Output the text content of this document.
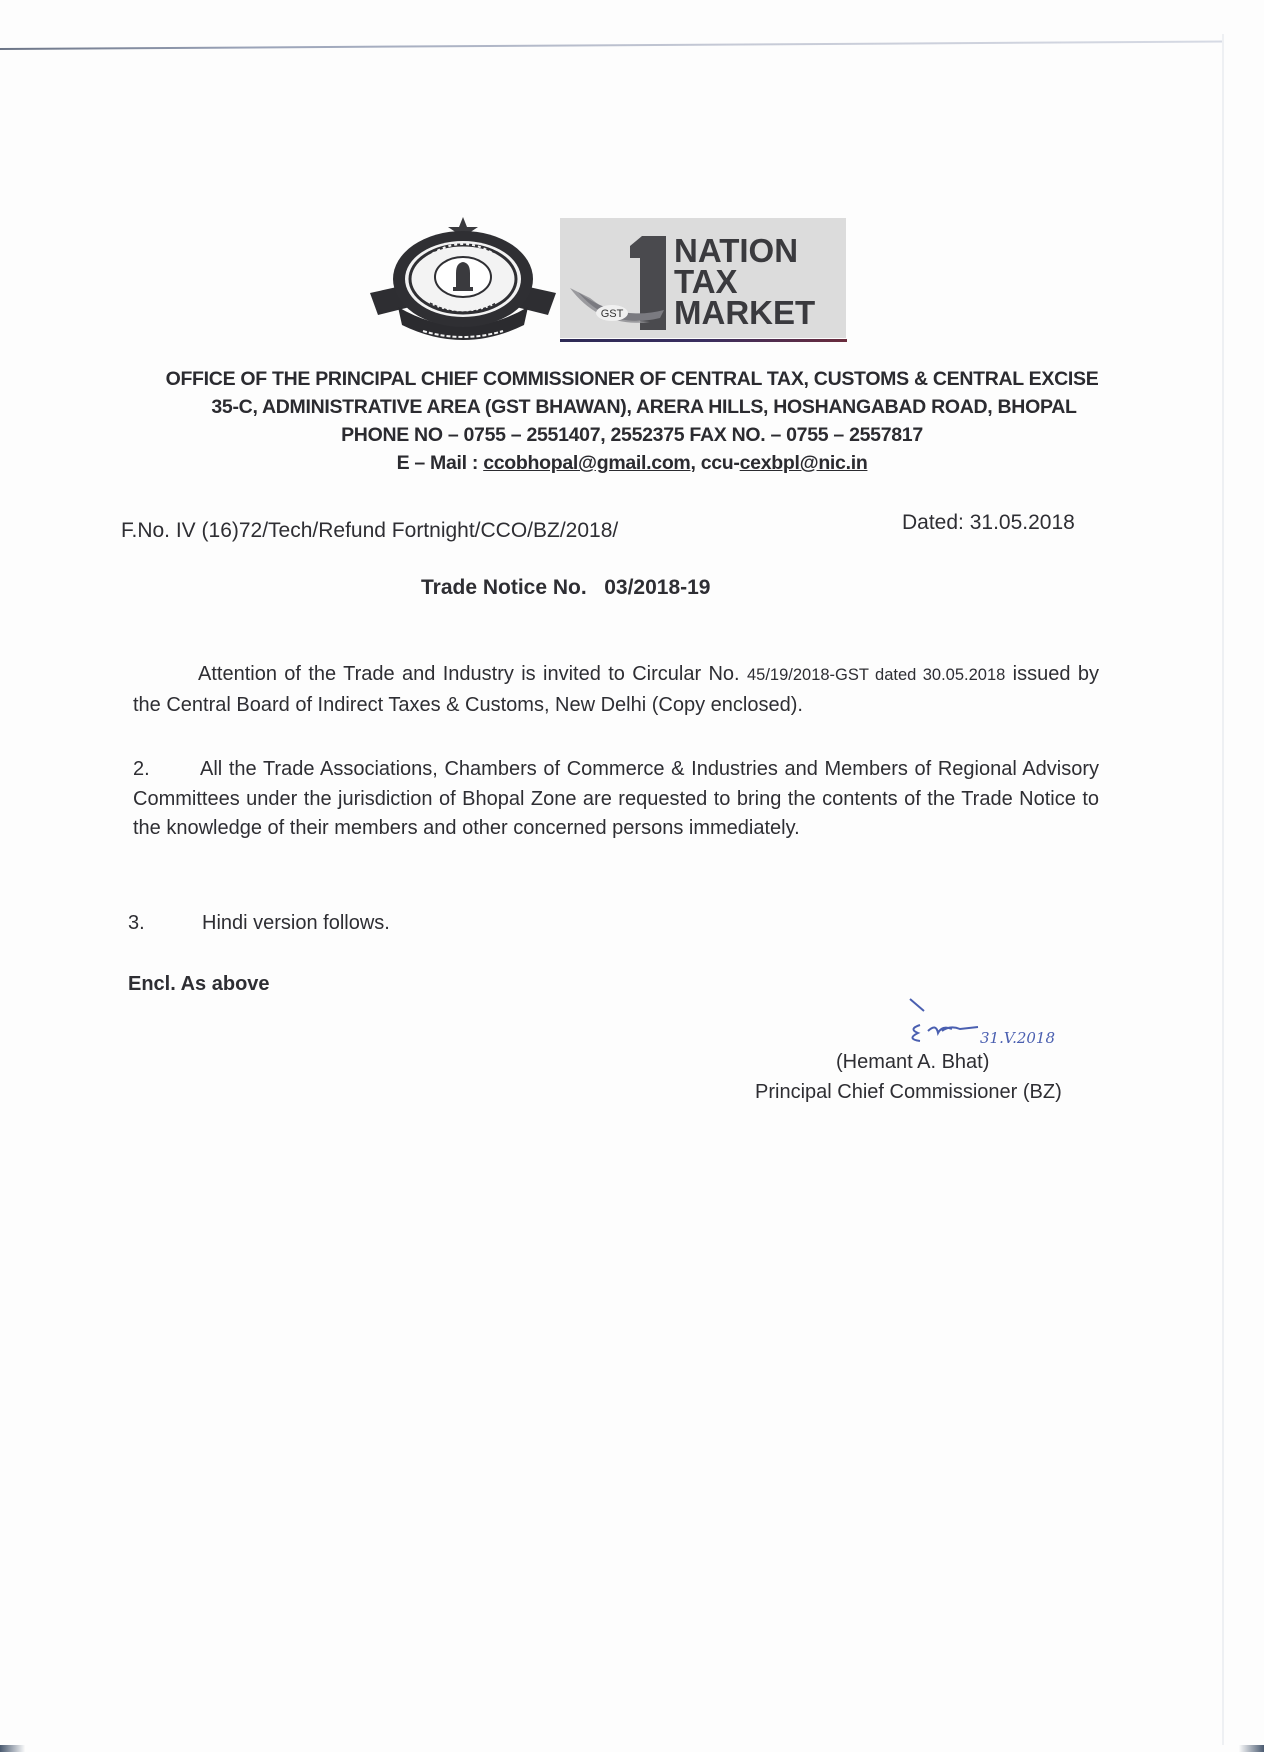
GST
NATION
TAX
MARKET
OFFICE OF THE PRINCIPAL CHIEF COMMISSIONER OF CENTRAL TAX, CUSTOMS & CENTRAL EXCISE
35-C, ADMINISTRATIVE AREA (GST BHAWAN), ARERA HILLS, HOSHANGABAD ROAD, BHOPAL
PHONE NO – 0755 – 2551407, 2552375 FAX NO. – 0755 – 2557817
E – Mail : ccobhopal@gmail.com, ccu-cexbpl@nic.in
F.No. IV (16)72/Tech/Refund Fortnight/CCO/BZ/2018/	Dated: 31.05.2018
Trade Notice No. 03/2018-19
Attention of the Trade and Industry is invited to Circular No. 45/19/2018-GST dated 30.05.2018 issued by the Central Board of Indirect Taxes & Customs, New Delhi (Copy enclosed).
2.	All the Trade Associations, Chambers of Commerce & Industries and Members of Regional Advisory Committees under the jurisdiction of Bhopal Zone are requested to bring the contents of the Trade Notice to the knowledge of their members and other concerned persons immediately.
3.	Hindi version follows.
Encl. As above
31.V.2018
(Hemant A. Bhat)
Principal Chief Commissioner (BZ)
